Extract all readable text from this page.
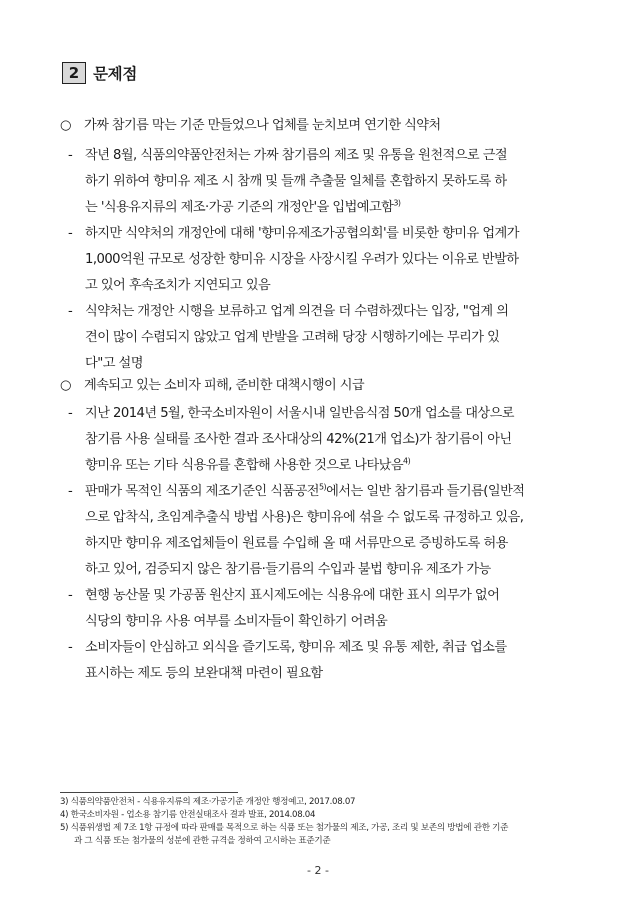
2 문제점
○ 가짜 참기름 막는 기준 만들었으나 업체를 눈치보며 연기한 식약처
- 작년 8월, 식품의약품안전처는 가짜 참기름의 제조 및 유통을 원천적으로 근절
하기 위하여 향미유 제조 시 참깨 및 들깨 추출물 일체를 혼합하지 못하도록 하
는 '식용유지류의 제조·가공 기준의 개정안'을 입법예고함$^{3)}$
- 하지만 식약처의 개정안에 대해 '향미유제조가공협의회'를 비롯한 향미유 업계가
1,000억원 규모로 성장한 향미유 시장을 사장시킬 우려가 있다는 이유로 반발하
고 있어 후속조치가 지연되고 있음
- 식약처는 개정안 시행을 보류하고 업계 의견을 더 수렴하겠다는 입장, "업계 의
견이 많이 수렴되지 않았고 업계 반발을 고려해 당장 시행하기에는 무리가 있
다"고 설명
○ 계속되고 있는 소비자 피해, 준비한 대책시행이 시급
- 지난 2014년 5월, 한국소비자원이 서울시내 일반음식점 50개 업소를 대상으로
참기름 사용 실태를 조사한 결과 조사대상의 42%(21개 업소)가 참기름이 아닌
향미유 또는 기타 식용유를 혼합해 사용한 것으로 나타났음$^{4)}$
- 판매가 목적인 식품의 제조기준인 식품공전$^{5)}$에서는 일반 참기름과 들기름(일반적
으로 압착식, 초임계추출식 방법 사용)은 향미유에 섞을 수 없도록 규정하고 있음,
하지만 향미유 제조업체들이 원료를 수입해 올 때 서류만으로 증빙하도록 허용
하고 있어, 검증되지 않은 참기름·들기름의 수입과 불법 향미유 제조가 가능
- 현행 농산물 및 가공품 원산지 표시제도에는 식용유에 대한 표시 의무가 없어
식당의 향미유 사용 여부를 소비자들이 확인하기 어려움
- 소비자들이 안심하고 외식을 즐기도록, 향미유 제조 및 유통 제한, 취급 업소를
표시하는 제도 등의 보완대책 마련이 필요함
3) 식품의약품안전처 - 식용유지류의 제조·가공기준 개정안 행정예고, 2017.08.07
4) 한국소비자원 - 업소용 참기름 안전실태조사 결과 발표, 2014.08.04
5) 식품위생법 제 7조 1항 규정에 따라 판매를 목적으로 하는 식품 또는 첨가물의 제조, 가공, 조리 및 보존의 방법에 관한 기준
과 그 식품 또는 첨가물의 성분에 관한 규격을 정하여 고시하는 표준기준
- 2 -
